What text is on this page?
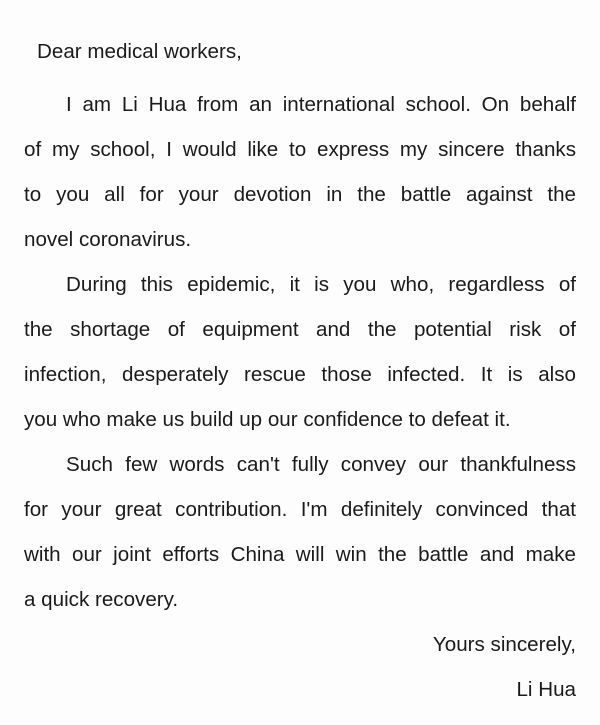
Dear medical workers,
I am Li Hua from an international school. On behalf
of my school, I would like to express my sincere thanks
to you all for your devotion in the battle against the
novel coronavirus.
During this epidemic, it is you who, regardless of
the shortage of equipment and the potential risk of
infection, desperately rescue those infected. It is also
you who make us build up our confidence to defeat it.
Such few words can't fully convey our thankfulness
for your great contribution. I'm definitely convinced that
with our joint efforts China will win the battle and make
a quick recovery.
Yours sincerely,
Li Hua
